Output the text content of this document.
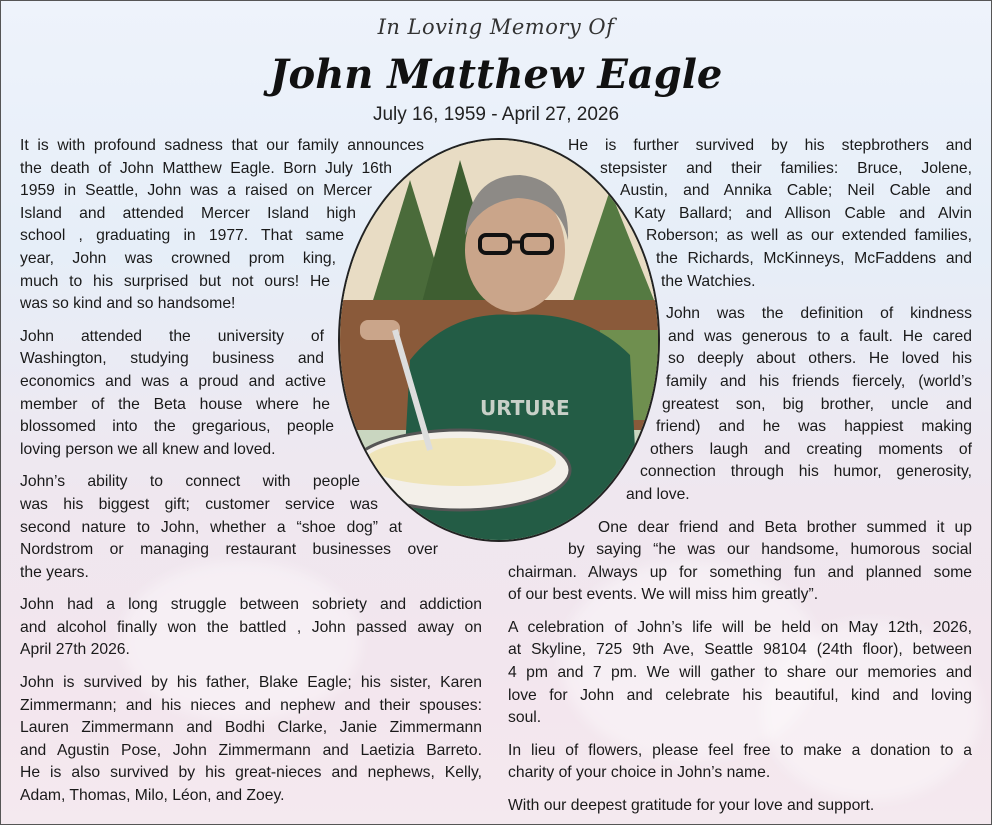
In Loving Memory Of
John Matthew Eagle
July 16, 1959 - April 27, 2026
URTURE

It is with profound sadness that our family announces
the death of John Matthew Eagle. Born July 16th
1959 in Seattle, John was a raised on Mercer
Island and attended Mercer Island high
school , graduating in 1977. That same
year, John was crowned prom king,
much to his surprised but not ours! He
was so kind and so handsome!

John attended the university of
Washington, studying business and
economics and was a proud and active
member of the Beta house where he
blossomed into the gregarious, people
loving person we all knew and loved.

John’s ability to connect with people
was his biggest gift; customer service was
second nature to John, whether a “shoe dog” at
Nordstrom or managing restaurant businesses over
the years.

John had a long struggle between sobriety and addiction
and alcohol finally won the battled , John passed away on
April 27th 2026.

John is survived by his father, Blake Eagle; his sister, Karen
Zimmermann; and his nieces and nephew and their spouses:
Lauren Zimmermann and Bodhi Clarke, Janie Zimmermann
and Agustin Pose, John Zimmermann and Laetizia Barreto.
He is also survived by his great-nieces and nephews, Kelly,
Adam, Thomas, Milo, Léon, and Zoey.

He is further survived by his stepbrothers and
stepsister and their families: Bruce, Jolene,
Austin, and Annika Cable; Neil Cable and
Katy Ballard; and Allison Cable and Alvin
Roberson; as well as our extended families,
the Richards, McKinneys, McFaddens and
the Watchies.

John was the definition of kindness
and was generous to a fault. He cared
so deeply about others. He loved his
family and his friends fiercely, (world’s
greatest son, big brother, uncle and
friend) and he was happiest making
others laugh and creating moments of
connection through his humor, generosity,
and love.

One dear friend and Beta brother summed it up
by saying “he was our handsome, humorous social
chairman. Always up for something fun and planned some
of our best events. We will miss him greatly”.

A celebration of John’s life will be held on May 12th, 2026,
at Skyline, 725 9th Ave, Seattle 98104 (24th floor), between
4 pm and 7 pm. We will gather to share our memories and
love for John and celebrate his beautiful, kind and loving
soul.

In lieu of flowers, please feel free to make a donation to a
charity of your choice in John’s name.

With our deepest gratitude for your love and support.
